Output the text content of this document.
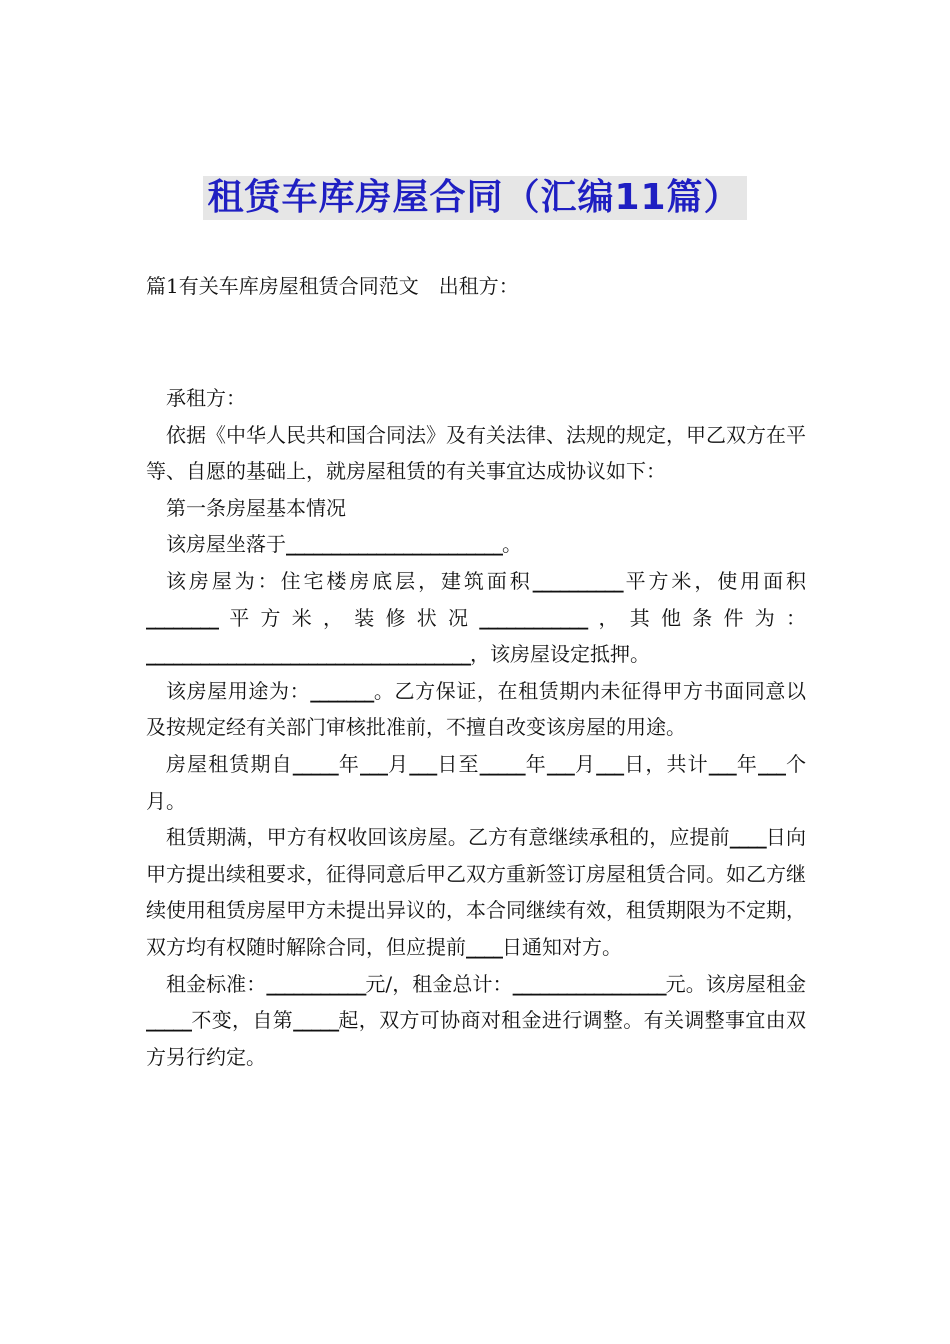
租赁车库房屋合同（汇编11篇）
篇1有关车库房屋租赁合同范文　出租方：

承租方：

依据《中华人民共和国合同法》及有关法律、法规的规定，甲乙双方在平等、自愿的基础上，就房屋租赁的有关事宜达成协议如下：

第一条房屋基本情况

该房屋坐落于________________________。

该房屋为：住宅楼房底层，建筑面积__________平方米，使用面积________平方米，装修状况____________，其他条件为：____________________________________，该房屋设定抵押。

该房屋用途为：_______。乙方保证，在租赁期内未征得甲方书面同意以及按规定经有关部门审核批准前，不擅自改变该房屋的用途。

房屋租赁期自_____年___月___日至_____年___月___日，共计___年___个月。

租赁期满，甲方有权收回该房屋。乙方有意继续承租的，应提前____日向甲方提出续租要求，征得同意后甲乙双方重新签订房屋租赁合同。如乙方继续使用租赁房屋甲方未提出异议的，本合同继续有效，租赁期限为不定期，双方均有权随时解除合同，但应提前____日通知对方。

租金标准：___________元/，租金总计：_________________元。该房屋租金_____不变，自第_____起，双方可协商对租金进行调整。有关调整事宜由双方另行约定。
